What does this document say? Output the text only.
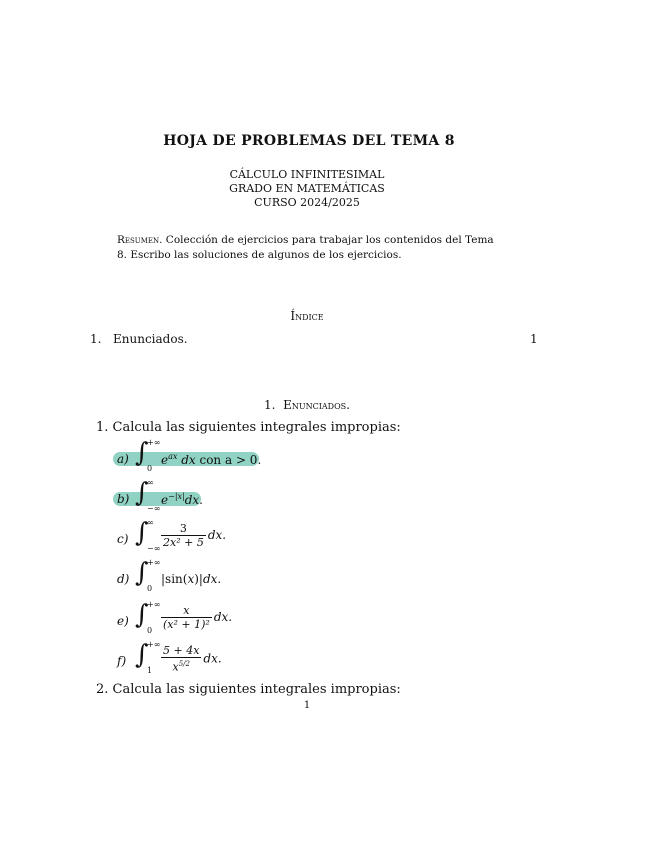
HOJA DE PROBLEMAS DEL TEMA 8
CÁLCULO INFINITESIMAL
GRADO EN MATEMÁTICAS
CURSO 2024/2025
Resumen. Colección de ejercicios para trabajar los contenidos del Tema 8. Escribo las soluciones de algunos de los ejercicios.
Índice
1. Enunciados.	1
1. Enunciados.
1. Calcula las siguientes integrales impropias:
a) ∫
+∞
0
$e^{ax}$ dx con a > 0.
b) ∫
∞
−∞
$e^{-|x|}dx$.
c) ∫
∞
−∞ $\frac{3}{\text{2x² + 5}}$ dx.
d) ∫
+∞
0
|sin(x)|dx.
e) ∫
+∞
$0 \frac{x}{\text{(x² + 1)²}}$ dx.
f) ∫
+∞
$1 \frac{5 + 4x}{x^{5/2}}$ dx.
2. Calcula las siguientes integrales impropias:
1
